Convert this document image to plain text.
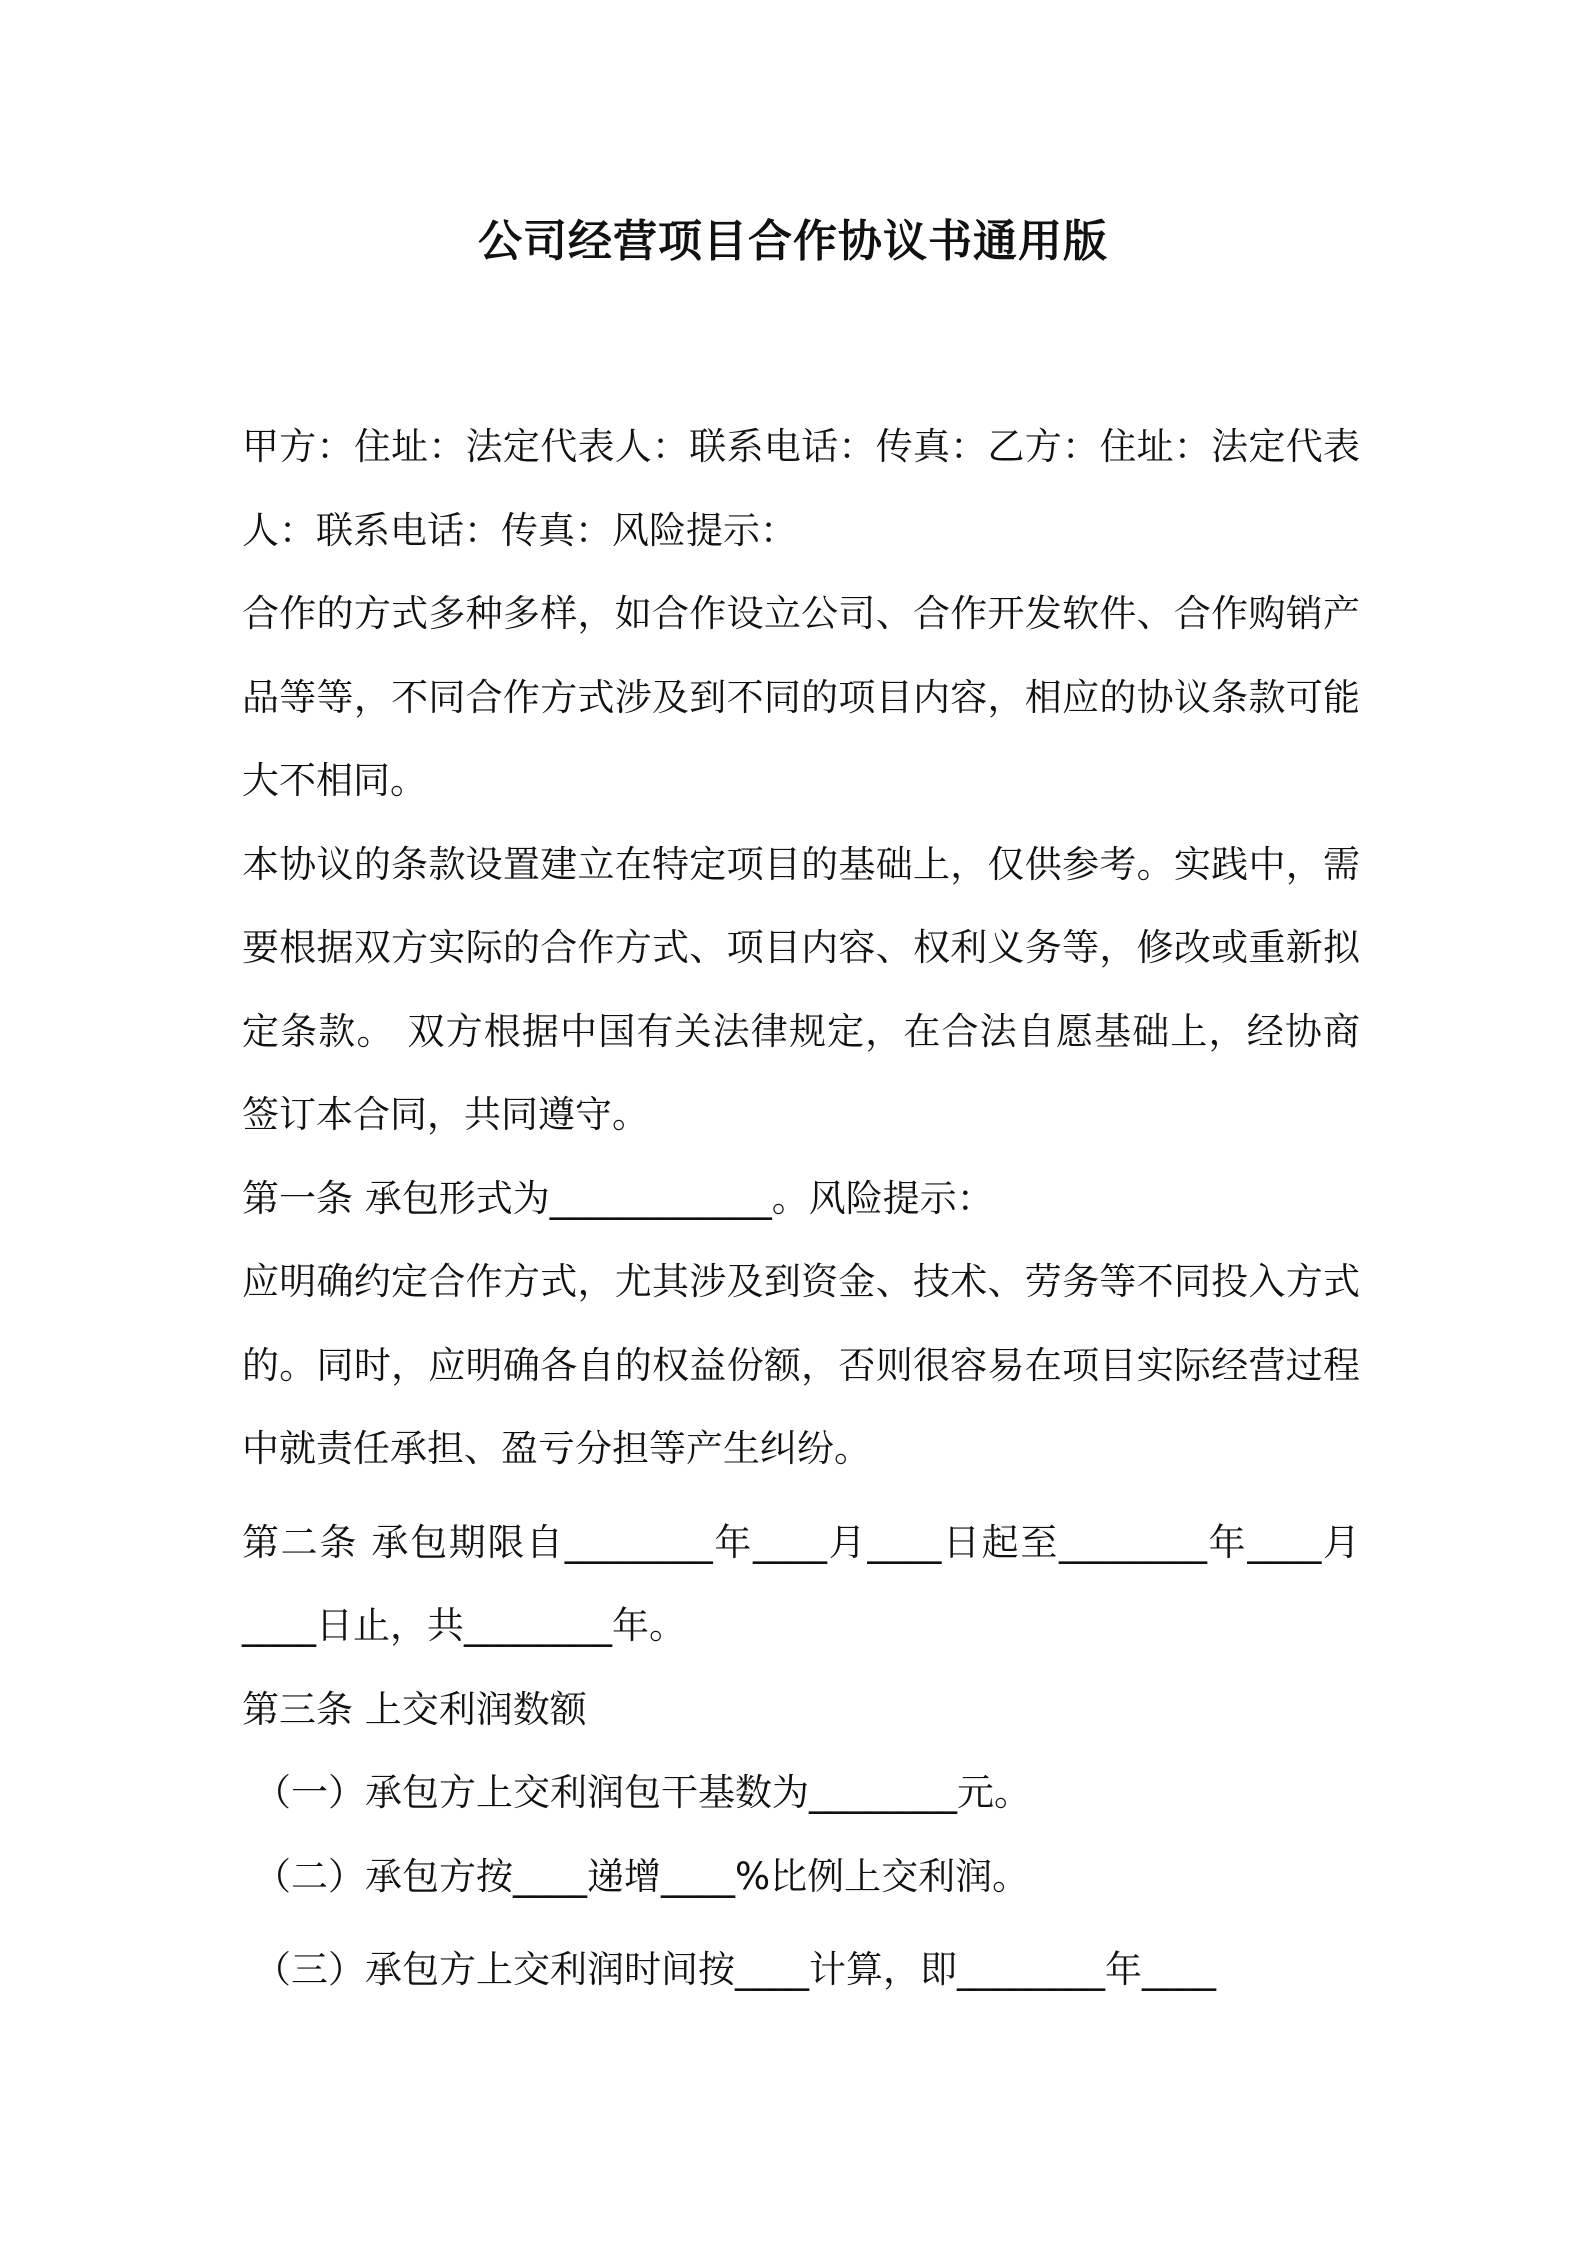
公司经营项目合作协议书通用版

甲方：住址：法定代表人：联系电话：传真：乙方：住址：法定代表人：联系电话：传真：风险提示：

合作的方式多种多样，如合作设立公司、合作开发软件、合作购销产品等等，不同合作方式涉及到不同的项目内容，相应的协议条款可能大不相同。

本协议的条款设置建立在特定项目的基础上，仅供参考。实践中，需要根据双方实际的合作方式、项目内容、权利义务等，修改或重新拟定条款。 双方根据中国有关法律规定，在合法自愿基础上，经协商签订本合同，共同遵守。

第一条 承包形式为____________。风险提示：

应明确约定合作方式，尤其涉及到资金、技术、劳务等不同投入方式的。同时，应明确各自的权益份额，否则很容易在项目实际经营过程中就责任承担、盈亏分担等产生纠纷。

第二条 承包期限自________年____月____日起至________年____月____日止，共________年。

第三条 上交利润数额

（一）承包方上交利润包干基数为________元。

（二）承包方按____递增____%比例上交利润。

（三）承包方上交利润时间按____计算，即________年____
